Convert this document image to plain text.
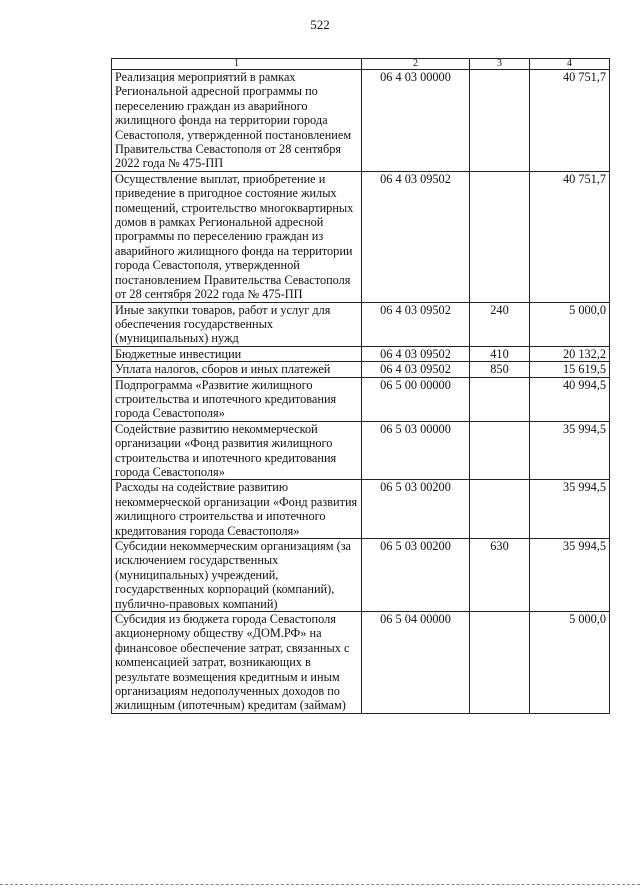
522
1	2	3	4
Реализация мероприятий в рамках Региональной адресной программы по переселению граждан из аварийного жилищного фонда на территории города Севастополя, утвержденной постановлением Правительства Севастополя от 28 сентября 2022 года № 475-ПП	06 4 03 00000		40 751,7
Осуществление выплат, приобретение и приведение в пригодное состояние жилых помещений, строительство многоквартирных домов в рамках Региональной адресной программы по переселению граждан из аварийного жилищного фонда на территории города Севастополя, утвержденной постановлением Правительства Севастополя от 28 сентября 2022 года № 475-ПП	06 4 03 09502		40 751,7
Иные закупки товаров, работ и услуг для обеспечения государственных (муниципальных) нужд	06 4 03 09502	240	5 000,0
Бюджетные инвестиции	06 4 03 09502	410	20 132,2
Уплата налогов, сборов и иных платежей	06 4 03 09502	850	15 619,5
Подпрограмма «Развитие жилищного строительства и ипотечного кредитования города Севастополя»	06 5 00 00000		40 994,5
Содействие развитию некоммерческой организации «Фонд развития жилищного строительства и ипотечного кредитования города Севастополя»	06 5 03 00000		35 994,5
Расходы на содействие развитию некоммерческой организации «Фонд развития жилищного строительства и ипотечного кредитования города Севастополя»	06 5 03 00200		35 994,5
Субсидии некоммерческим организациям (за исключением государственных (муниципальных) учреждений, государственных корпораций (компаний), публично-правовых компаний)	06 5 03 00200	630	35 994,5
Субсидия из бюджета города Севастополя акционерному обществу «ДОМ.РФ» на финансовое обеспечение затрат, связанных с компенсацией затрат, возникающих в результате возмещения кредитным и иным организациям недополученных доходов по жилищным (ипотечным) кредитам (займам)	06 5 04 00000		5 000,0
